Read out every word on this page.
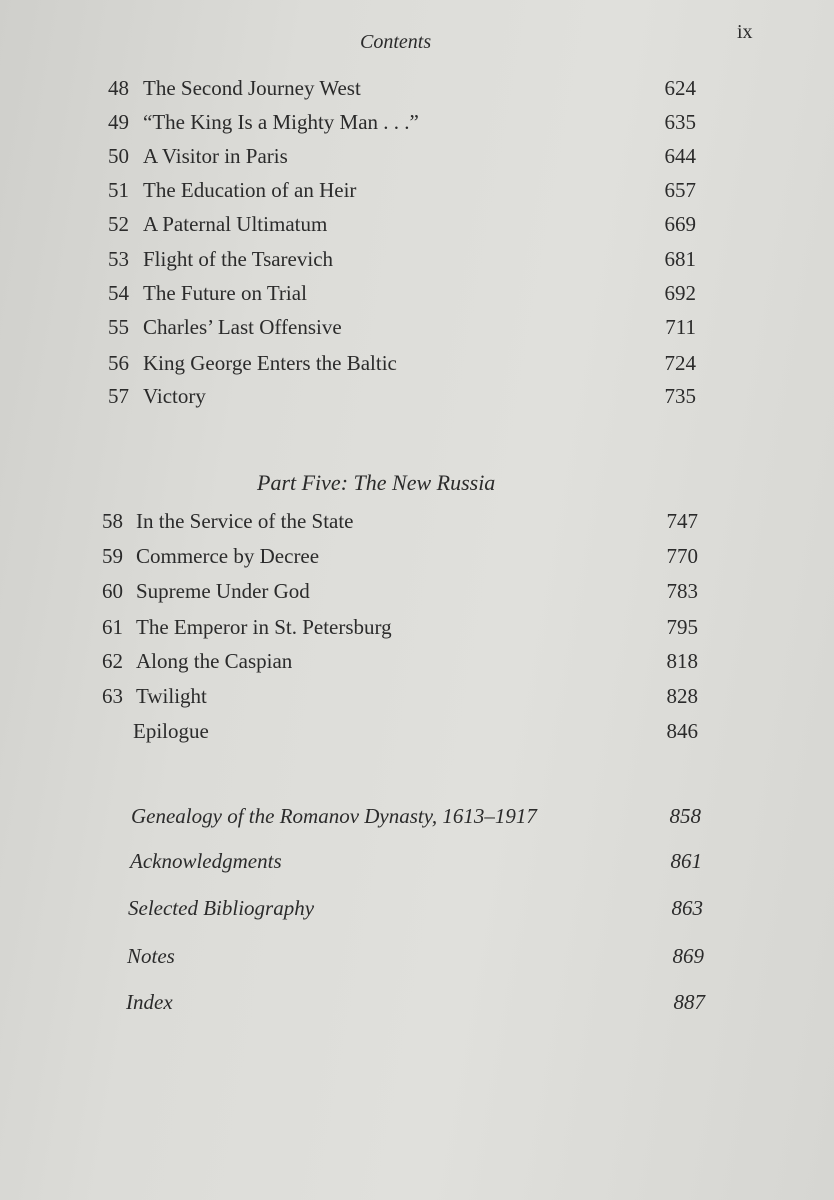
Contents	ix
Part Five: The New Russia
48 The Second Journey West	624
49 “The King Is a Mighty Man . . .”	635
50 A Visitor in Paris	644
51 The Education of an Heir	657
52 A Paternal Ultimatum	669
53 Flight of the Tsarevich	681
54 The Future on Trial	692
55 Charles’ Last Offensive	711
56 King George Enters the Baltic	724
57 Victory	735
58 In the Service of the State	747
59 Commerce by Decree	770
60 Supreme Under God	783
61 The Emperor in St. Petersburg	795
62 Along the Caspian	818
63 Twilight	828
Epilogue	846
Genealogy of the Romanov Dynasty, 1613–1917	858
Acknowledgments	861
Selected Bibliography	863
Notes	869
Index	887
